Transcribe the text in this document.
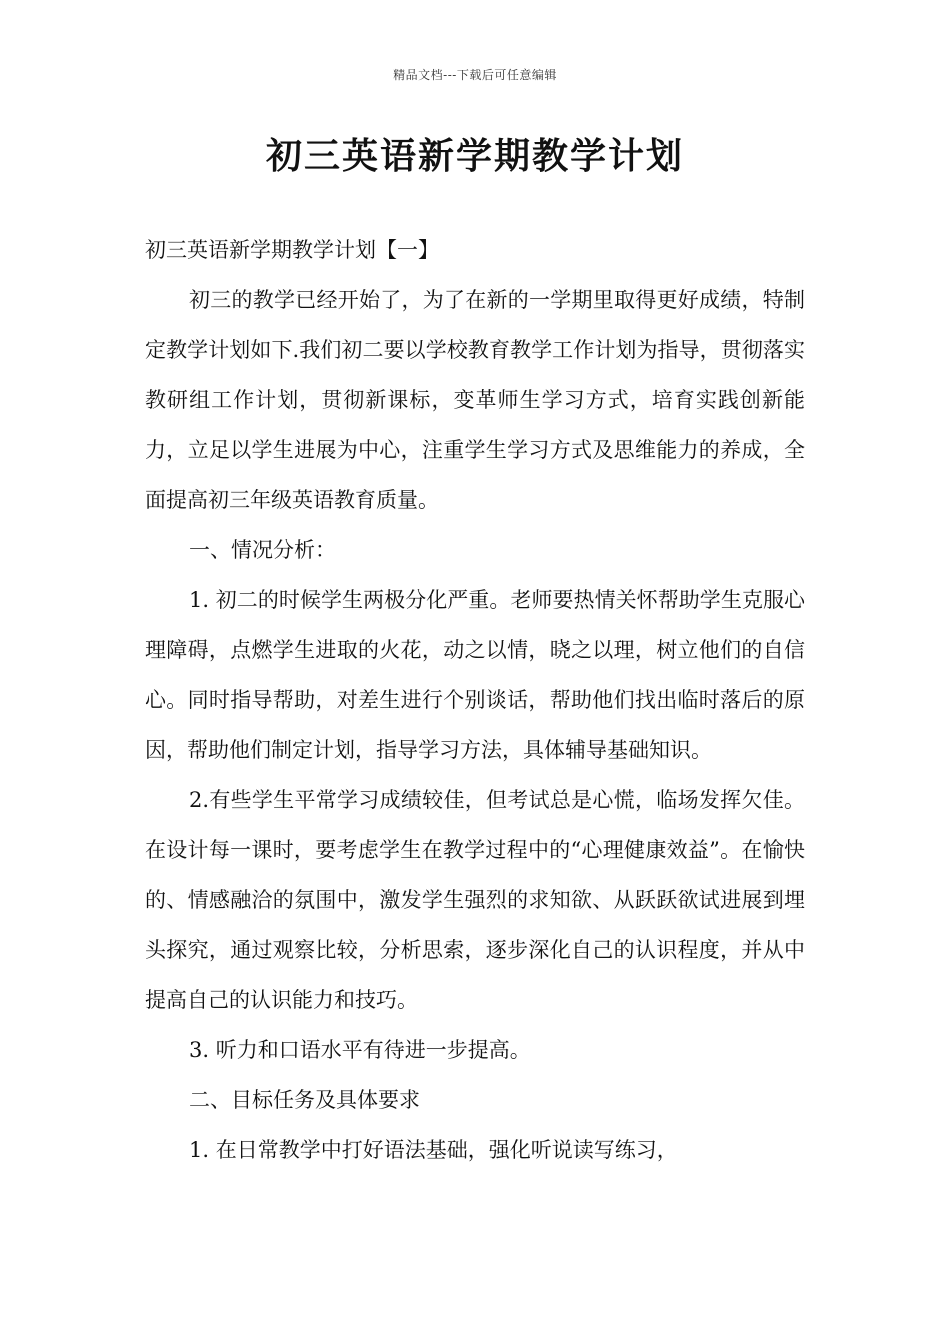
精品文档---下载后可任意编辑
初三英语新学期教学计划

初三英语新学期教学计划【一】

初三的教学已经开始了，为了在新的一学期里取得更好成绩，特制定教学计划如下.我们初二要以学校教育教学工作计划为指导，贯彻落实教研组工作计划，贯彻新课标，变革师生学习方式，培育实践创新能力，立足以学生进展为中心，注重学生学习方式及思维能力的养成，全面提高初三年级英语教育质量。

一、情况分析：

1. 初二的时候学生两极分化严重。老师要热情关怀帮助学生克服心理障碍，点燃学生进取的火花，动之以情，晓之以理，树立他们的自信心。同时指导帮助，对差生进行个别谈话，帮助他们找出临时落后的原因，帮助他们制定计划，指导学习方法，具体辅导基础知识。

2.有些学生平常学习成绩较佳，但考试总是心慌，临场发挥欠佳。在设计每一课时，要考虑学生在教学过程中的“心理健康效益”。在愉快的、情感融洽的氛围中，激发学生强烈的求知欲、从跃跃欲试进展到埋头探究，通过观察比较，分析思索，逐步深化自己的认识程度，并从中提高自己的认识能力和技巧。

3. 听力和口语水平有待进一步提高。

二、目标任务及具体要求

1. 在日常教学中打好语法基础，强化听说读写练习，
